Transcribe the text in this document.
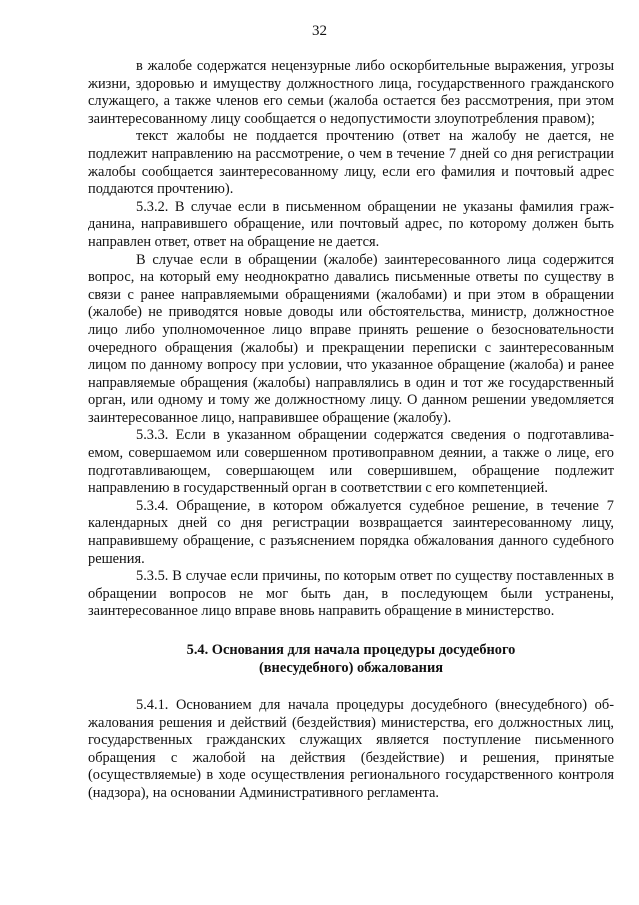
32

в жалобе содержатся нецензурные либо оскорбительные выражения, угрозы жизни, здоровью и имуществу должностного лица, государственного гражданского служащего, а также членов его семьи (жалоба остается без рассмотрения, при этом заинтересованному лицу сообщается о недопустимости злоупотребления правом);

текст жалобы не поддается прочтению (ответ на жалобу не дается, не подлежит направлению на рассмотрение, о чем в течение 7 дней со дня регистрации жалобы сообщается заинтересованному лицу, если его фамилия и почтовый адрес поддаются прочтению).

5.3.2. В случае если в письменном обращении не указаны фамилия гражданина, направившего обращение, или почтовый адрес, по которому должен быть направлен ответ, ответ на обращение не дается.

В случае если в обращении (жалобе) заинтересованного лица содержится вопрос, на который ему неоднократно давались письменные ответы по существу в связи с ранее направляемыми обращениями (жалобами) и при этом в обращении (жалобе) не приводятся новые доводы или обстоятельства, министр, должностное лицо либо уполномоченное лицо вправе принять решение о безосновательности очередного обращения (жалобы) и прекращении переписки с заинтересованным лицом по данному вопросу при условии, что указанное обращение (жалоба) и ранее направляемые обращения (жалобы) направлялись в один и тот же государственный орган, или одному и тому же должностному лицу. О данном решении уведомляется заинтересованное лицо, направившее обращение (жалобу).

5.3.3. Если в указанном обращении содержатся сведения о подготавливаемом, совершаемом или совершенном противоправном деянии, а также о лице, его подготавливающем, совершающем или совершившем, обращение подлежит направлению в государственный орган в соответствии с его компетенцией.

5.3.4. Обращение, в котором обжалуется судебное решение, в течение 7 календарных дней со дня регистрации возвращается заинтересованному лицу, направившему обращение, с разъяснением порядка обжалования данного судебного решения.

5.3.5. В случае если причины, по которым ответ по существу поставленных в обращении вопросов не мог быть дан, в последующем были устранены, заинтересованное лицо вправе вновь направить обращение в министерство.

5.4. Основания для начала процедуры досудебного
(внесудебного) обжалования

5.4.1. Основанием для начала процедуры досудебного (внесудебного) обжалования решения и действий (бездействия) министерства, его должностных лиц, государственных гражданских служащих является поступление письменного обращения с жалобой на действия (бездействие) и решения, принятые (осуществляемые) в ходе осуществления регионального государственного контроля (надзора), на основании Административного регламента.
